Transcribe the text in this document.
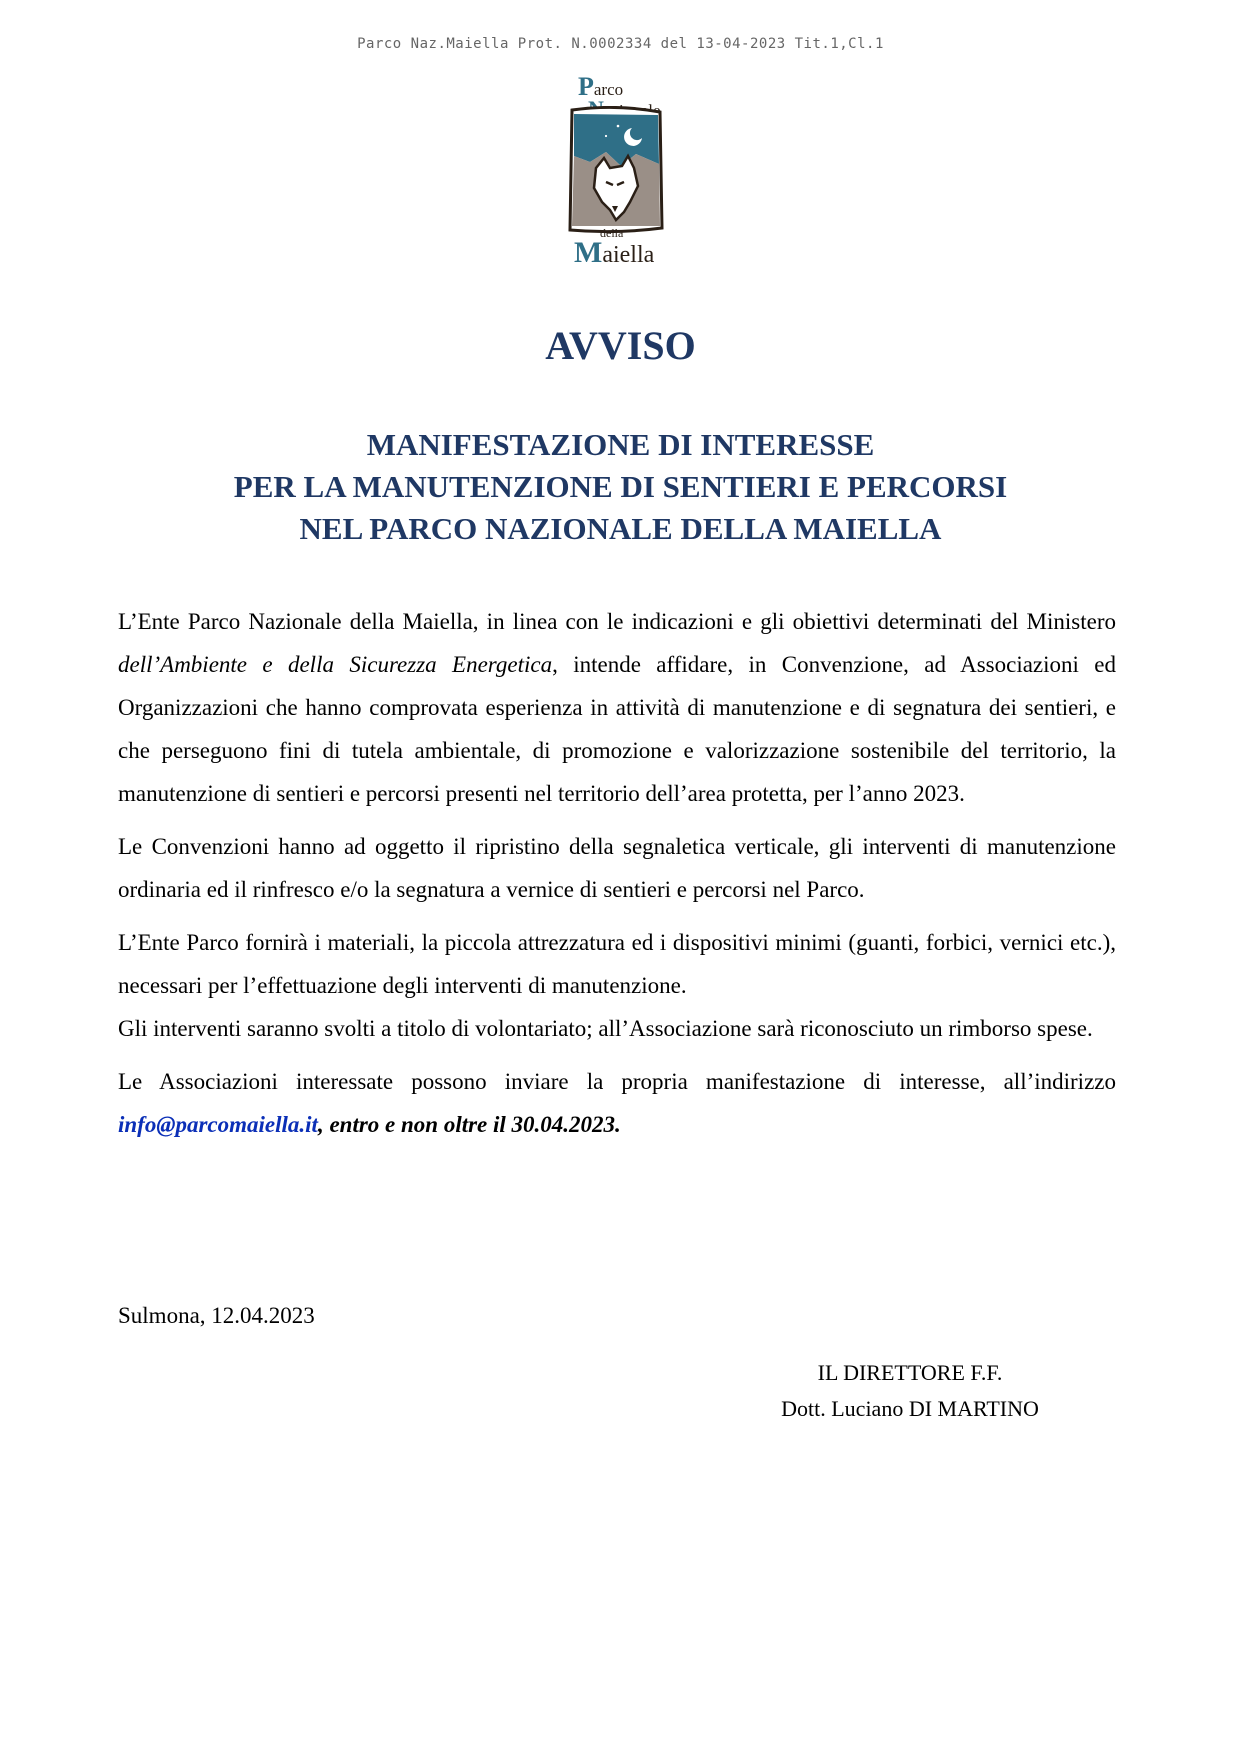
Parco Naz.Maiella Prot. N.0002334 del 13-04-2023 Tit.1,Cl.1
Parco
della
Maiella
AVVISO
MANIFESTAZIONE DI INTERESSE
PER LA MANUTENZIONE DI SENTIERI E PERCORSI
NEL PARCO NAZIONALE DELLA MAIELLA

L’Ente Parco Nazionale della Maiella, in linea con le indicazioni e gli obiettivi determinati del Ministero dell’Ambiente e della Sicurezza Energetica, intende affidare, in Convenzione, ad Associazioni ed Organizzazioni che hanno comprovata esperienza in attività di manutenzione e di segnatura dei sentieri, e che perseguono fini di tutela ambientale, di promozione e valorizzazione sostenibile del territorio, la manutenzione di sentieri e percorsi presenti nel territorio dell’area protetta, per l’anno 2023.

Le Convenzioni hanno ad oggetto il ripristino della segnaletica verticale, gli interventi di manutenzione ordinaria ed il rinfresco e/o la segnatura a vernice di sentieri e percorsi nel Parco.

L’Ente Parco fornirà i materiali, la piccola attrezzatura ed i dispositivi minimi (guanti, forbici, vernici etc.), necessari per l’effettuazione degli interventi di manutenzione.

Gli interventi saranno svolti a titolo di volontariato; all’Associazione sarà riconosciuto un rimborso spese.

Le Associazioni interessate possono inviare la propria manifestazione di interesse, all’indirizzo info@parcomaiella.it, entro e non oltre il 30.04.2023.

Sulmona, 12.04.2023
IL DIRETTORE F.F.
Dott. Luciano DI MARTINO
